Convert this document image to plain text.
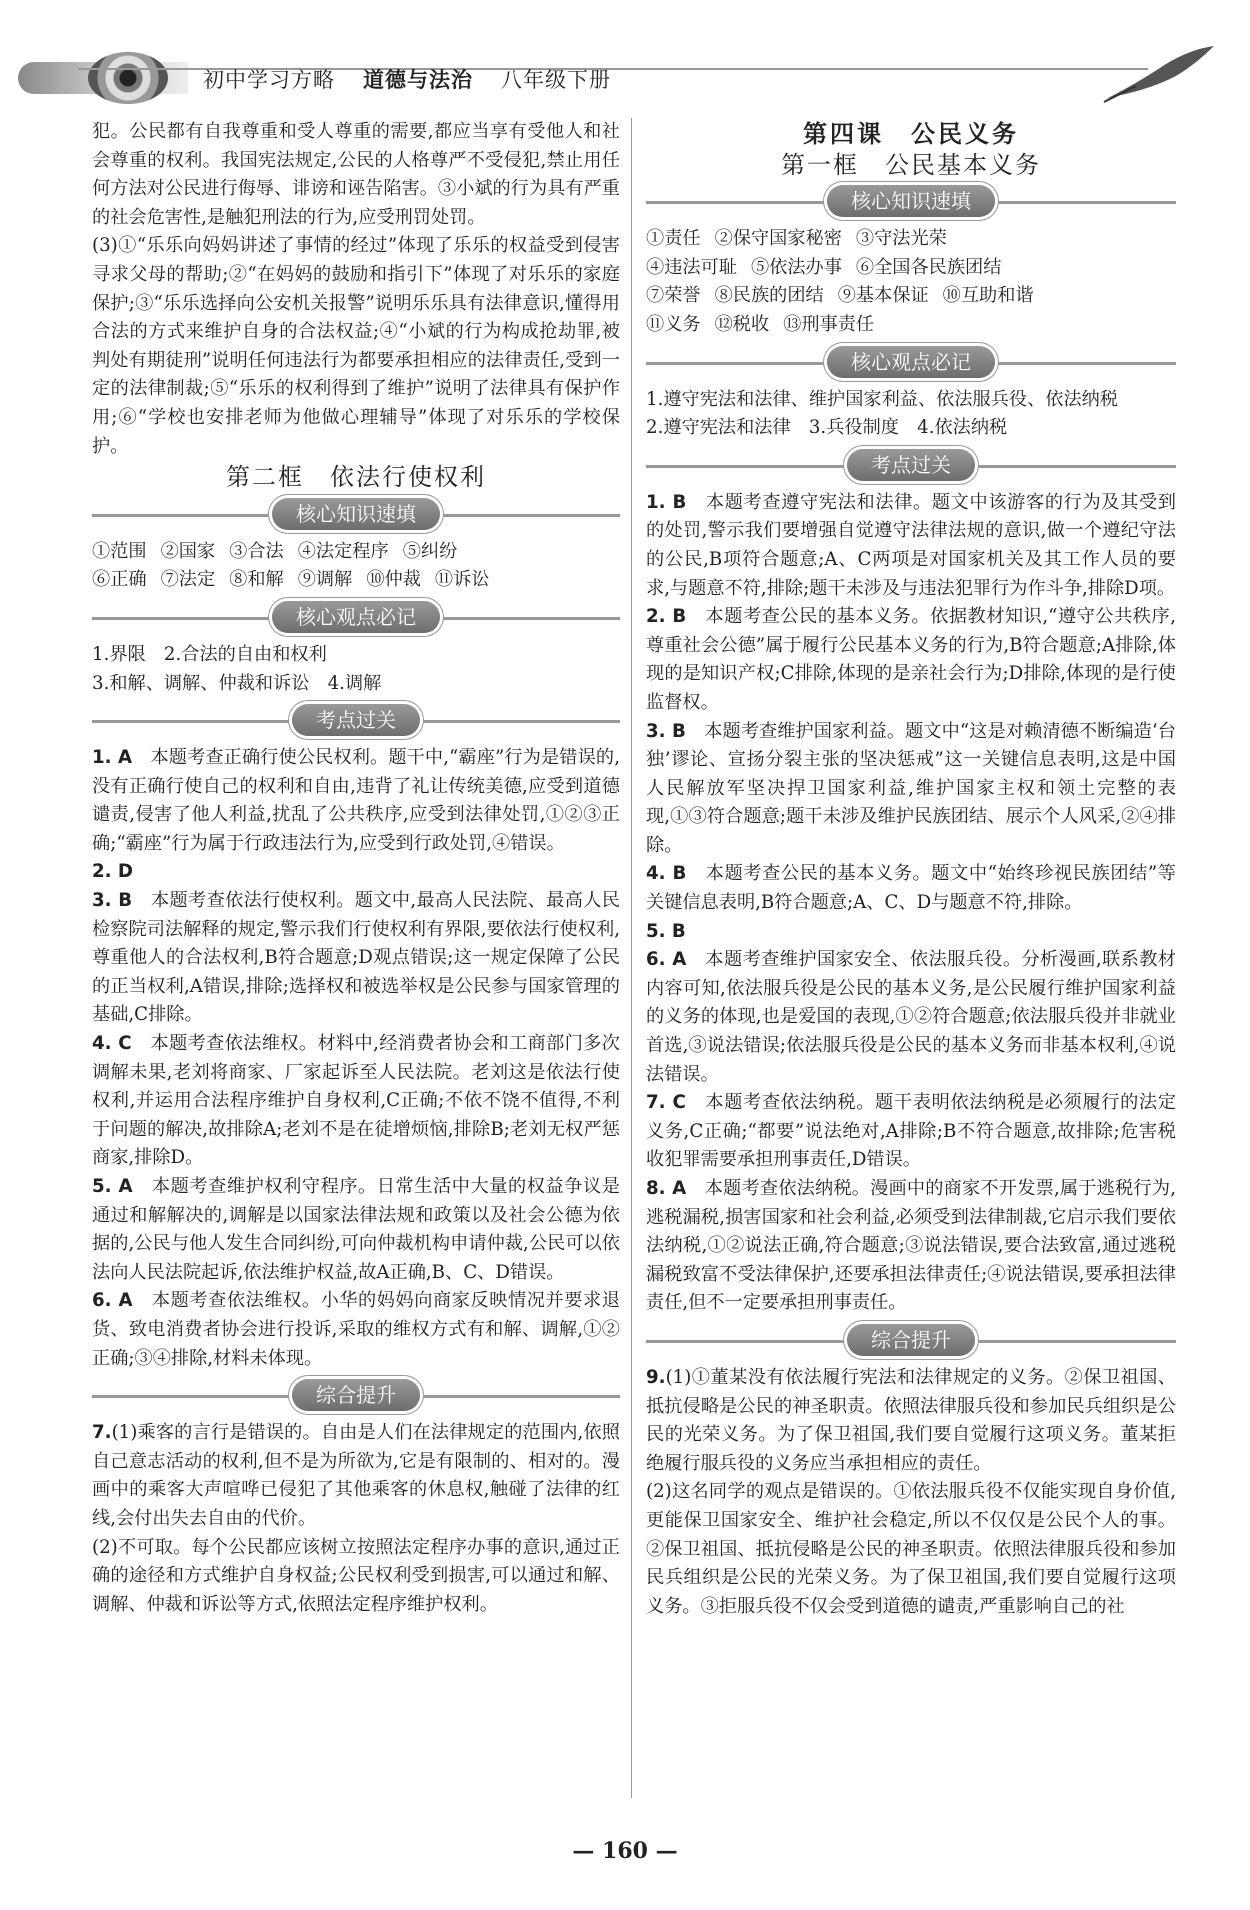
初中学习方略 道德与法治 八年级下册

犯。公民都有自我尊重和受人尊重的需要,都应当享有受他人和社会尊重的权利。我国宪法规定,公民的人格尊严不受侵犯,禁止用任何方法对公民进行侮辱、诽谤和诬告陷害。③小斌的行为具有严重的社会危害性,是触犯刑法的行为,应受刑罚处罚。

(3)①“乐乐向妈妈讲述了事情的经过”体现了乐乐的权益受到侵害寻求父母的帮助;②“在妈妈的鼓励和指引下”体现了对乐乐的家庭保护;③“乐乐选择向公安机关报警”说明乐乐具有法律意识,懂得用合法的方式来维护自身的合法权益;④“小斌的行为构成抢劫罪,被判处有期徒刑”说明任何违法行为都要承担相应的法律责任,受到一定的法律制裁;⑤“乐乐的权利得到了维护”说明了法律具有保护作用;⑥“学校也安排老师为他做心理辅导”体现了对乐乐的学校保护。

第二框　依法行使权利
核心知识速填
①范围 ②国家 ③合法 ④法定程序 ⑤纠纷
⑥正确 ⑦法定 ⑧和解 ⑨调解 ⑩仲裁 ⑪诉讼
核心观点必记

1.界限　2.合法的自由和权利

3.和解、调解、仲裁和诉讼　4.调解

考点过关

1. A　 本题考查正确行使公民权利。题干中,“霸座”行为是错误的,没有正确行使自己的权利和自由,违背了礼让传统美德,应受到道德谴责,侵害了他人利益,扰乱了公共秩序,应受到法律处罚,①②③正确;“霸座”行为属于行政违法行为,应受到行政处罚,④错误。

2. D

3. B　 本题考查依法行使权利。题文中,最高人民法院、最高人民检察院司法解释的规定,警示我们行使权利有界限,要依法行使权利,尊重他人的合法权利,B符合题意;D观点错误;这一规定保障了公民的正当权利,A错误,排除;选择权和被选举权是公民参与国家管理的基础,C排除。

4. C　 本题考查依法维权。材料中,经消费者协会和工商部门多次调解未果,老刘将商家、厂家起诉至人民法院。老刘这是依法行使权利,并运用合法程序维护自身权利,C正确;不依不饶不值得,不利于问题的解决,故排除A;老刘不是在徒增烦恼,排除B;老刘无权严惩商家,排除D。

5. A　 本题考查维护权利守程序。日常生活中大量的权益争议是通过和解解决的,调解是以国家法律法规和政策以及社会公德为依据的,公民与他人发生合同纠纷,可向仲裁机构申请仲裁,公民可以依法向人民法院起诉,依法维护权益,故A正确,B、C、D错误。

6. A　 本题考查依法维权。小华的妈妈向商家反映情况并要求退货、致电消费者协会进行投诉,采取的维权方式有和解、调解,①②正确;③④排除,材料未体现。

综合提升

7.(1)乘客的言行是错误的。自由是人们在法律规定的范围内,依照自己意志活动的权利,但不是为所欲为,它是有限制的、相对的。漫画中的乘客大声喧哗已侵犯了其他乘客的休息权,触碰了法律的红线,会付出失去自由的代价。

(2)不可取。每个公民都应该树立按照法定程序办事的意识,通过正确的途径和方式维护自身权益;公民权利受到损害,可以通过和解、调解、仲裁和诉讼等方式,依照法定程序维护权利。

第四课　公民义务
第一框　公民基本义务
核心知识速填
①责任 ②保守国家秘密 ③守法光荣
④违法可耻 ⑤依法办事 ⑥全国各民族团结
⑦荣誉 ⑧民族的团结 ⑨基本保证 ⑩互助和谐
⑪义务 ⑫税收 ⑬刑事责任
核心观点必记

1.遵守宪法和法律、维护国家利益、依法服兵役、依法纳税

2.遵守宪法和法律　3.兵役制度　4.依法纳税

考点过关

1. B　 本题考查遵守宪法和法律。题文中该游客的行为及其受到的处罚,警示我们要增强自觉遵守法律法规的意识,做一个遵纪守法的公民,B项符合题意;A、C两项是对国家机关及其工作人员的要求,与题意不符,排除;题干未涉及与违法犯罪行为作斗争,排除D项。

2. B　 本题考查公民的基本义务。依据教材知识,“遵守公共秩序,尊重社会公德”属于履行公民基本义务的行为,B符合题意;A排除,体现的是知识产权;C排除,体现的是亲社会行为;D排除,体现的是行使监督权。

3. B　 本题考查维护国家利益。题文中“这是对赖清德不断编造‘台独’谬论、宣扬分裂主张的坚决惩戒”这一关键信息表明,这是中国人民解放军坚决捍卫国家利益,维护国家主权和领土完整的表现,①③符合题意;题干未涉及维护民族团结、展示个人风采,②④排除。

4. B　 本题考查公民的基本义务。题文中“始终珍视民族团结”等关键信息表明,B符合题意;A、C、D与题意不符,排除。

5. B

6. A　 本题考查维护国家安全、依法服兵役。分析漫画,联系教材内容可知,依法服兵役是公民的基本义务,是公民履行维护国家利益的义务的体现,也是爱国的表现,①②符合题意;依法服兵役并非就业首选,③说法错误;依法服兵役是公民的基本义务而非基本权利,④说法错误。

7. C　 本题考查依法纳税。题干表明依法纳税是必须履行的法定义务,C正确;“都要”说法绝对,A排除;B不符合题意,故排除;危害税收犯罪需要承担刑事责任,D错误。

8. A　 本题考查依法纳税。漫画中的商家不开发票,属于逃税行为,逃税漏税,损害国家和社会利益,必须受到法律制裁,它启示我们要依法纳税,①②说法正确,符合题意;③说法错误,要合法致富,通过逃税漏税致富不受法律保护,还要承担法律责任;④说法错误,要承担法律责任,但不一定要承担刑事责任。

综合提升

9.(1)①董某没有依法履行宪法和法律规定的义务。②保卫祖国、抵抗侵略是公民的神圣职责。依照法律服兵役和参加民兵组织是公民的光荣义务。为了保卫祖国,我们要自觉履行这项义务。董某拒绝履行服兵役的义务应当承担相应的责任。

(2)这名同学的观点是错误的。①依法服兵役不仅能实现自身价值,更能保卫国家安全、维护社会稳定,所以不仅仅是公民个人的事。②保卫祖国、抵抗侵略是公民的神圣职责。依照法律服兵役和参加民兵组织是公民的光荣义务。为了保卫祖国,我们要自觉履行这项义务。③拒服兵役不仅会受到道德的谴责,严重影响自己的社

— 160 —
